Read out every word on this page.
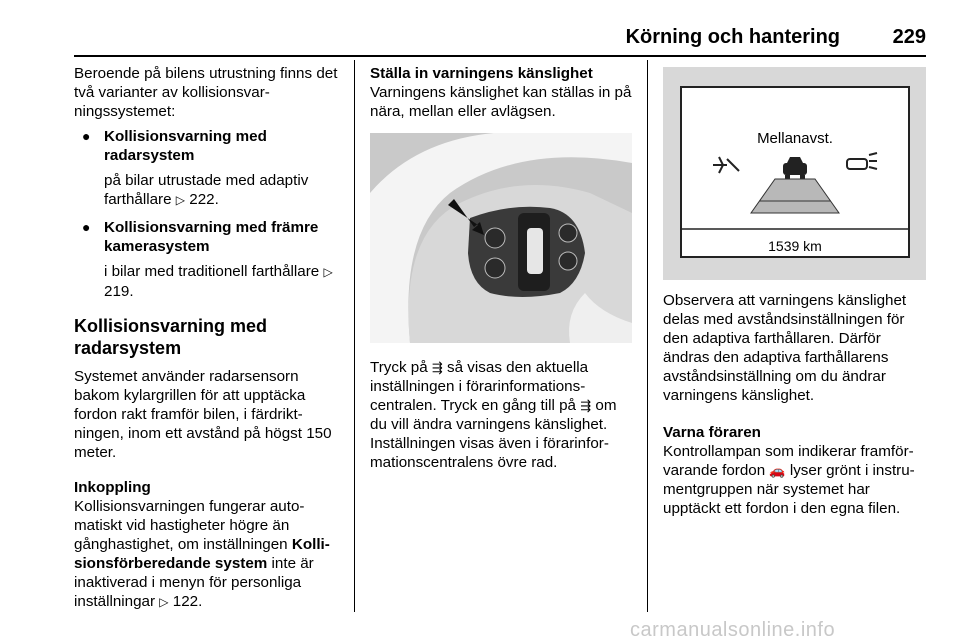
Körning och hantering	229

Beroende på bilens utrustning finns det två varianter av kollisionsvar-ningssystemet:

● Kollisionsvarning med radarsystem

på bilar utrustade med adaptiv farthållare ▷ 222.

● Kollisionsvarning med främre kamerasystem

i bilar med traditionell farthållare ▷ 219.

Kollisionsvarning med radarsystem

Systemet använder radarsensorn bakom kylargrillen för att upptäcka fordon rakt framför bilen, i färdrikt-ningen, inom ett avstånd på högst 150 meter.

Inkoppling

Kollisionsvarningen fungerar auto-matiskt vid hastigheter högre än gånghastighet, om inställningen Kolli-sionsförberedande system inte är inaktiverad i menyn för personliga inställningar ▷ 122.

Ställa in varningens känslighet

Varningens känslighet kan ställas in på nära, mellan eller avlägsen.

Tryck på ⇶ så visas den aktuella inställningen i förarinformations-centralen. Tryck en gång till på ⇶ om du vill ändra varningens känslighet. Inställningen visas även i förarinfor-mationscentralens övre rad.

Mellanavst.
1539 km

Observera att varningens känslighet delas med avståndsinställningen för den adaptiva farthållaren. Därför ändras den adaptiva farthållarens avståndsinställning om du ändrar varningens känslighet.

Varna föraren

Kontrollampan som indikerar framför-varande fordon 🚗 lyser grönt i instru-mentgruppen när systemet har upptäckt ett fordon i den egna filen.

carmanualsonline.info
